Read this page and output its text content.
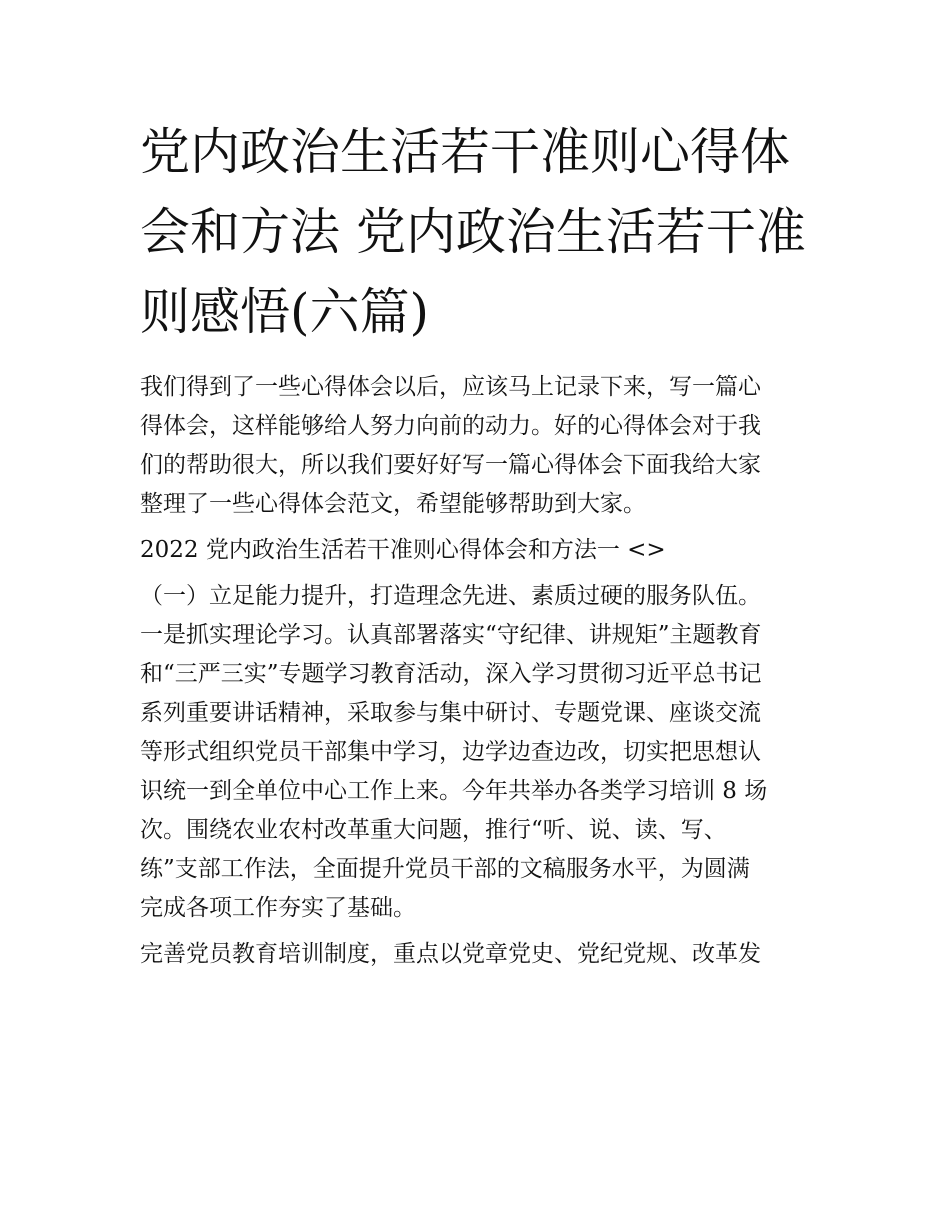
党内政治生活若干准则心得体
会和方法 党内政治生活若干准
则感悟(六篇)
我们得到了一些心得体会以后，应该马上记录下来，写一篇心
得体会，这样能够给人努力向前的动力。好的心得体会对于我
们的帮助很大，所以我们要好好写一篇心得体会下面我给大家
整理了一些心得体会范文，希望能够帮助到大家。
2022 党内政治生活若干准则心得体会和方法一 <>
（一）立足能力提升，打造理念先进、素质过硬的服务队伍。
一是抓实理论学习。认真部署落实“守纪律、讲规矩”主题教育
和“三严三实”专题学习教育活动，深入学习贯彻习近平总书记
系列重要讲话精神，采取参与集中研讨、专题党课、座谈交流
等形式组织党员干部集中学习，边学边查边改，切实把思想认
识统一到全单位中心工作上来。今年共举办各类学习培训 8 场
次。围绕农业农村改革重大问题，推行“听、说、读、写、
练”支部工作法，全面提升党员干部的文稿服务水平，为圆满
完成各项工作夯实了基础。
完善党员教育培训制度，重点以党章党史、党纪党规、改革发
